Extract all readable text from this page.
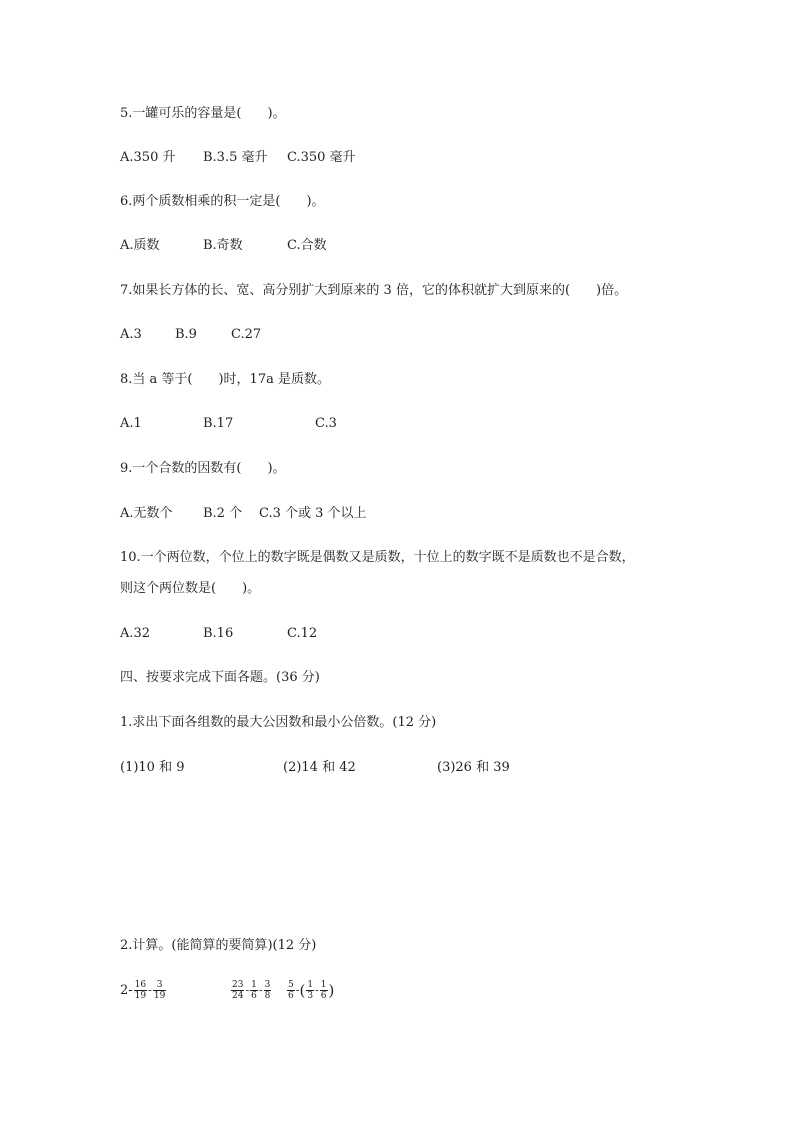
5.一罐可乐的容量是(　　)。
A.350 升 B.3.5 毫升 C.350 毫升
6.两个质数相乘的积一定是(　　)。
A.质数	B.奇数	C.合数
7.如果长方体的长、宽、高分别扩大到原来的 3 倍，它的体积就扩大到原来的(　　)倍。
A.3	B.9	C.27
8.当 a 等于(　　)时，17a 是质数。
A.1	B.17	C.3
9.一个合数的因数有(　　)。
A.无数个 B.2 个 C.3 个或 3 个以上
10.一个两位数，个位上的数字既是偶数又是质数，十位上的数字既不是质数也不是合数，
则这个两位数是(　　)。
A.32	B.16	C.12
四、按要求完成下面各题。(36 分)
1.求出下面各组数的最大公因数和最小公倍数。(12 分)
(1)10 和 9	(2)14 和 42	(3)26 和 39
2.计算。(能简算的要简算)(12 分)
$2- \frac{16}{19} - \frac{3}{19}$	$\frac{23}{24} - \frac{1}{6} - \frac{3}{8} \frac{5}{6}$ -( $\frac{1}{3} - \frac{1}{6}$ )
